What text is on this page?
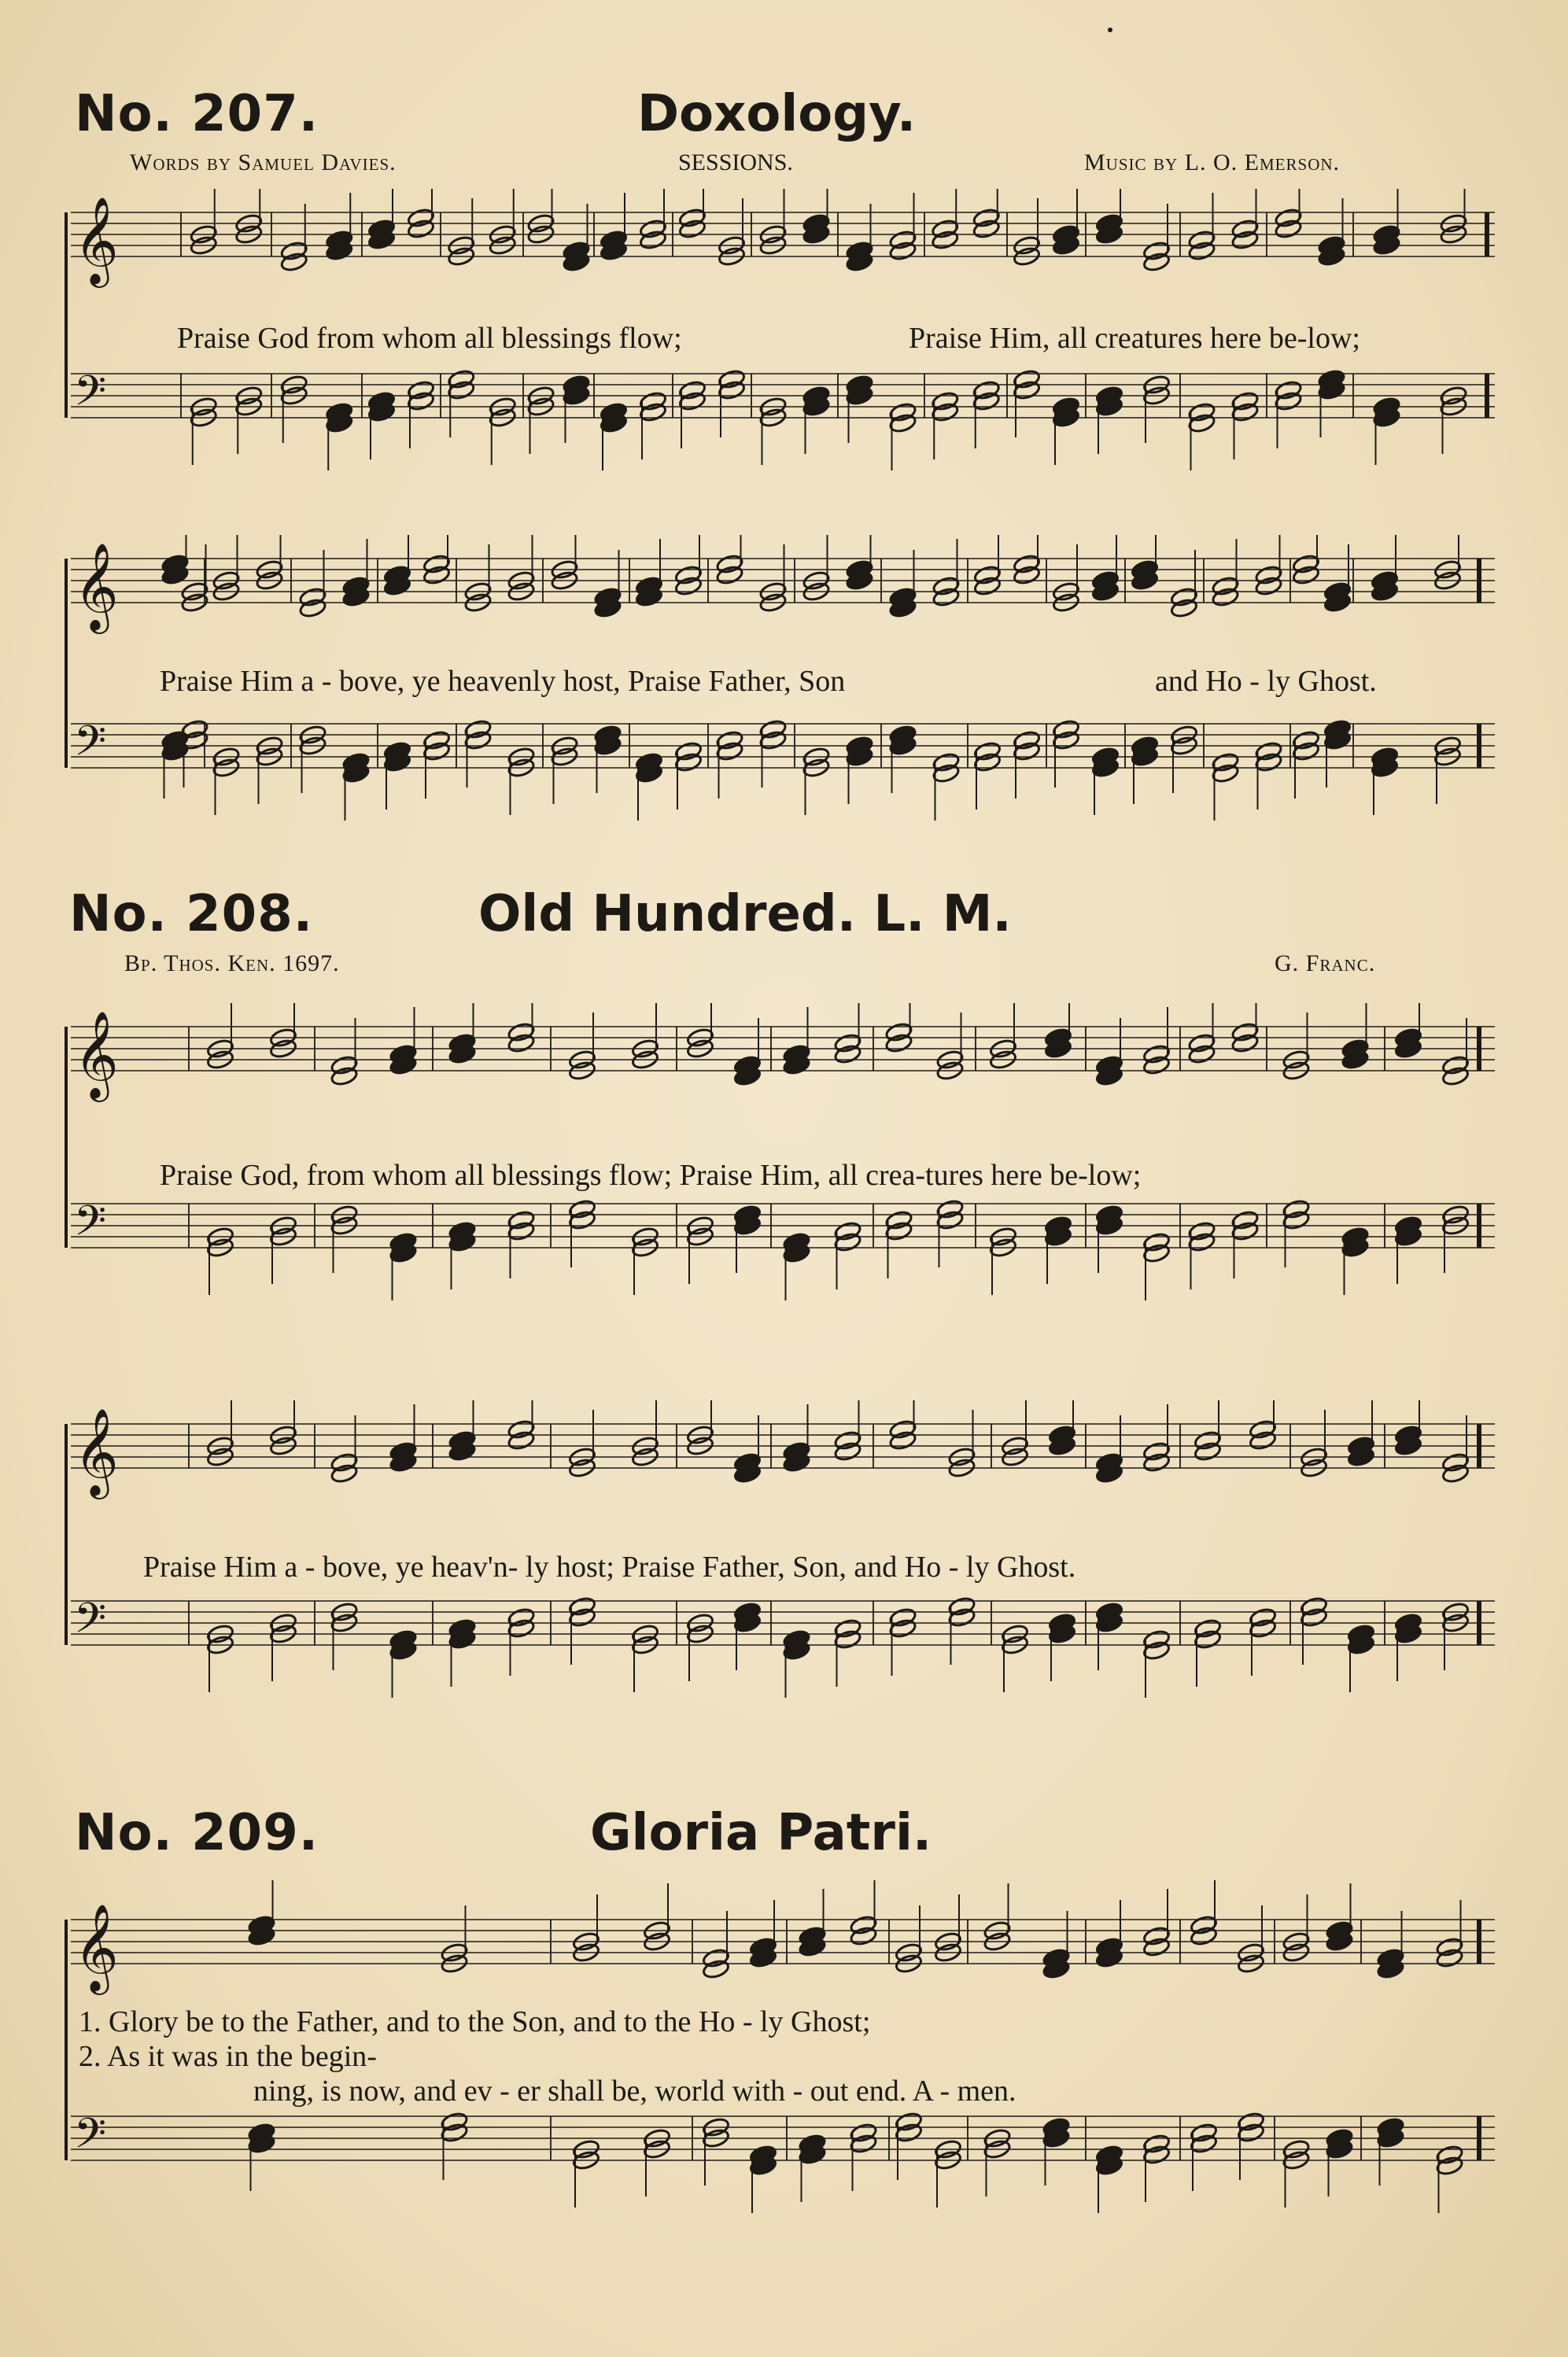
No. 207.	Doxology.
Words by Samuel Davies.	SESSIONS.	Music by L. O. Emerson.
𝄞
𝄢
Praise God from whom all blessings flow;	Praise Him, all creatures here be-low;
𝄞
𝄢
Praise Him a - bove, ye heavenly host, Praise Father, Son	and Ho - ly Ghost.
No. 208.	Old Hundred. L. M.
Bp. Thos. Ken. 1697.	G. Franc.
𝄞
𝄢
Praise God, from whom all blessings flow; Praise Him, all crea-tures here be-low;
𝄞
𝄢
Praise Him a - bove, ye heav'n- ly host; Praise Father, Son, and Ho - ly Ghost.
No. 209.	Gloria Patri.
𝄞
𝄢
1. Glory be to the Father, and to the Son, and to the Ho - ly Ghost;
2. As it was in the begin-
ning, is now, and ev - er shall be, world with - out end. A - men.
